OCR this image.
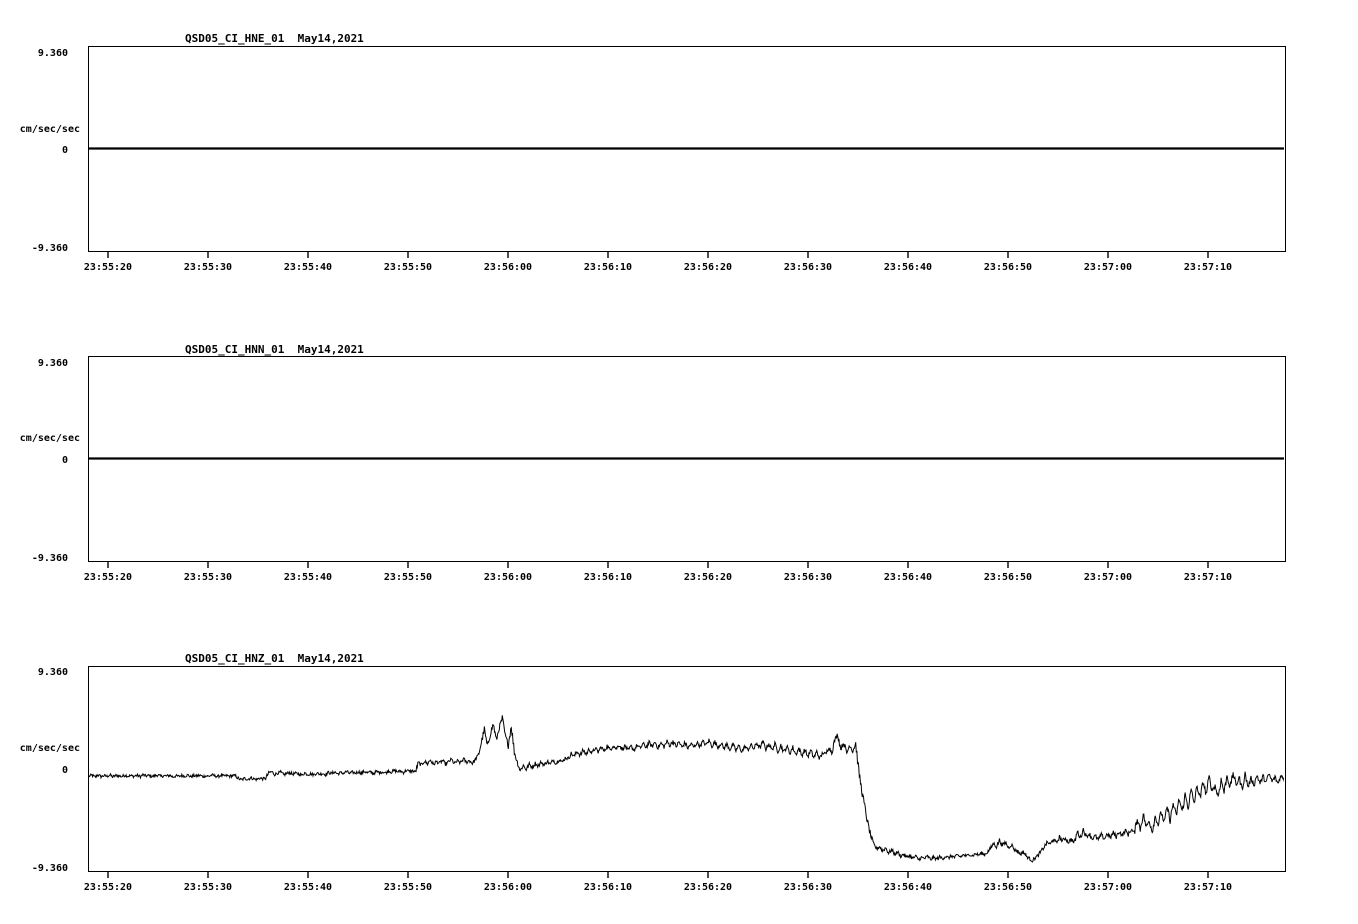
QSD05_CI_HNE_01  May14,2021
cm/sec/sec
9.360
0
-9.360
23:55:20	23:55:30	23:55:40	23:55:50	23:56:00	23:56:10	23:56:20	23:56:30	23:56:40	23:56:50	23:57:00	23:57:10
QSD05_CI_HNN_01  May14,2021
cm/sec/sec
9.360
0
-9.360
23:55:20	23:55:30	23:55:40	23:55:50	23:56:00	23:56:10	23:56:20	23:56:30	23:56:40	23:56:50	23:57:00	23:57:10
QSD05_CI_HNZ_01  May14,2021
cm/sec/sec
9.360
0
-9.360
23:55:20	23:55:30	23:55:40	23:55:50	23:56:00	23:56:10	23:56:20	23:56:30	23:56:40	23:56:50	23:57:00	23:57:10
